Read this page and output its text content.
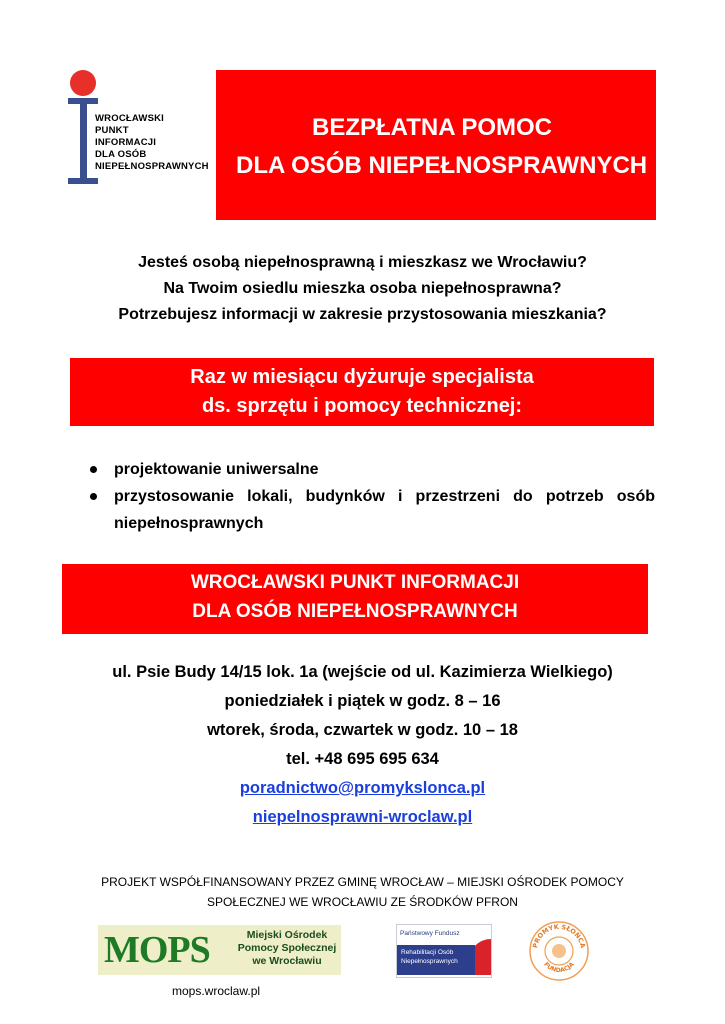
WROCŁAWSKI
PUNKT
INFORMACJI
DLA OSÓB
NIEPEŁNOSPRAWNYCH
BEZPŁATNA POMOC
DLA OSÓB NIEPEŁNOSPRAWNYCH
Jesteś osobą niepełnosprawną i mieszkasz we Wrocławiu?
Na Twoim osiedlu mieszka osoba niepełnosprawna?
Potrzebujesz informacji w zakresie przystosowania mieszkania?
Raz w miesiącu dyżuruje specjalista
ds. sprzętu i pomocy technicznej:
projektowanie uniwersalne
przystosowanie lokali, budynków i przestrzeni do potrzeb osób niepełnosprawnych
WROCŁAWSKI PUNKT INFORMACJI
DLA OSÓB NIEPEŁNOSPRAWNYCH
ul. Psie Budy 14/15 lok. 1a (wejście od ul. Kazimierza Wielkiego)
poniedziałek i piątek w godz. 8 – 16
wtorek, środa, czwartek w godz. 10 – 18
tel. +48 695 695 634
poradnictwo@promykslonca.pl
niepelnosprawni-wroclaw.pl
PROJEKT WSPÓŁFINANSOWANY PRZEZ GMINĘ WROCŁAW – MIEJSKI OŚRODEK POMOCY
SPOŁECZNEJ WE WROCŁAWIU ZE ŚRODKÓW PFRON
MOPS	Miejski Ośrodek
Pomocy Społecznej
we Wrocławiu
mops.wroclaw.pl
Państwowy Fundusz
Rehabilitacji Osób
Niepełnosprawnych
PROMYK SŁOŃCA
FUNDACJA
